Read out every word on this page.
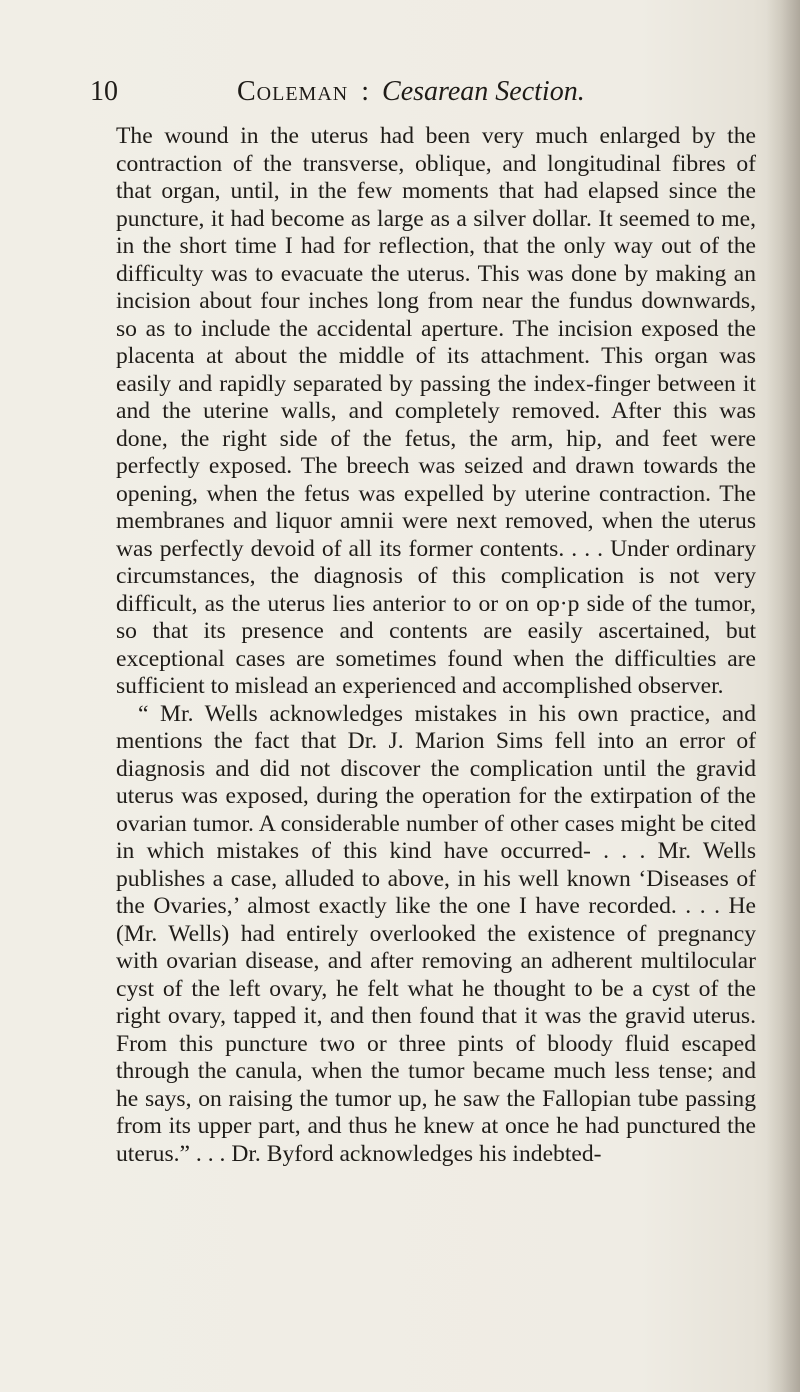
10	Coleman : Cesarean Section.

The wound in the uterus had been very much enlarged by the contraction of the transverse, oblique, and longitudinal fibres of that organ, until, in the few moments that had elapsed since the puncture, it had become as large as a silver dollar. It seemed to me, in the short time I had for reflection, that the only way out of the difficulty was to evacuate the uterus. This was done by making an incision about four inches long from near the fundus downwards, so as to include the accidental aperture. The incision exposed the placenta at about the middle of its attachment. This organ was easily and rapidly separated by passing the index-finger between it and the uterine walls, and completely removed. After this was done, the right side of the fetus, the arm, hip, and feet were perfectly exposed. The breech was seized and drawn towards the opening, when the fetus was expelled by uterine contraction. The membranes and liquor amnii were next removed, when the uterus was perfectly devoid of all its former contents. . . . Under ordinary circumstances, the diagnosis of this complication is not very difficult, as the uterus lies anterior to or on op·p side of the tumor, so that its presence and contents are easily ascertained, but exceptional cases are sometimes found when the difficulties are sufficient to mislead an experienced and accomplished observer.

“ Mr. Wells acknowledges mistakes in his own practice, and mentions the fact that Dr. J. Marion Sims fell into an error of diagnosis and did not discover the complication until the gravid uterus was exposed, during the operation for the extirpation of the ovarian tumor. A considerable number of other cases might be cited in which mistakes of this kind have occurred- . . . Mr. Wells publishes a case, alluded to above, in his well known ‘Diseases of the Ovaries,’ almost exactly like the one I have recorded. . . . He (Mr. Wells) had entirely overlooked the existence of pregnancy with ovarian disease, and after removing an adherent multilocular cyst of the left ovary, he felt what he thought to be a cyst of the right ovary, tapped it, and then found that it was the gravid uterus. From this puncture two or three pints of bloody fluid escaped through the canula, when the tumor became much less tense; and he says, on raising the tumor up, he saw the Fallopian tube passing from its upper part, and thus he knew at once he had punctured the uterus.” . . . Dr. Byford acknowledges his indebted-
